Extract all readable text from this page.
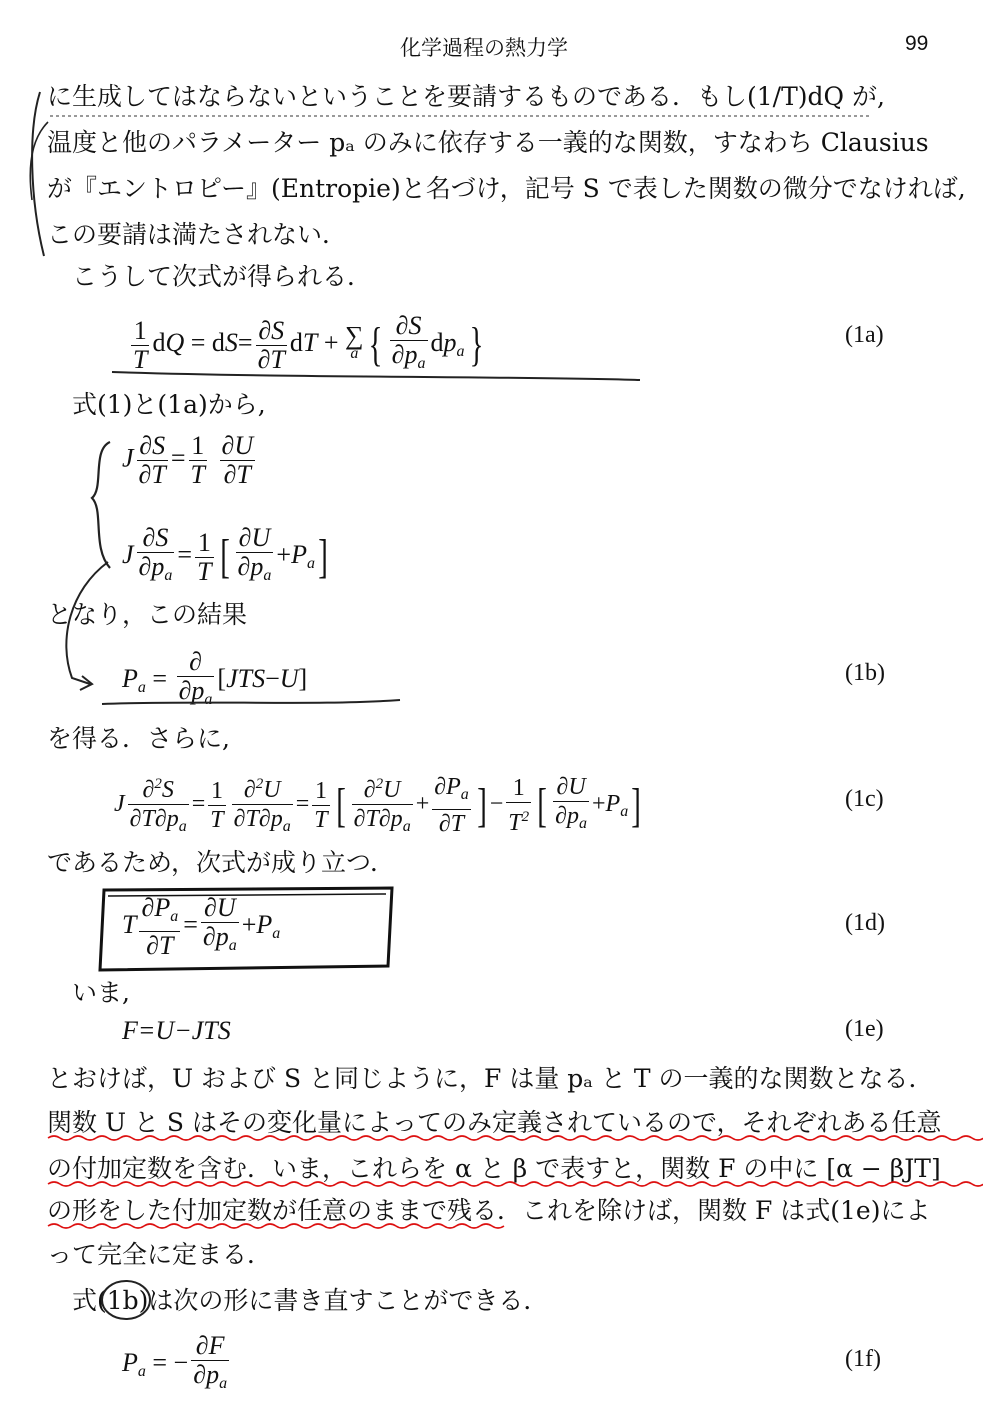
化学過程の熱力学	99
に生成してはならないということを要請するものである．もし(1/T)dQ が,
温度と他のパラメーター pₐ のみに依存する一義的な関数，すなわち Clausius
が『エントロピー』(Entropie)と名づけ，記号 S で表した関数の微分でなければ,
この要請は満たされない．
こうして次式が得られる．
$\frac{1}{T}$ dQ = $dS= \frac{\partial S}{\partial T}$ dT + ∑
a { $\frac{\partial S}{\partial p_a} dp_a$}	(1a)
式(1)と(1a)から,
J $\frac{\partial S}{\partial T} = \frac{1}{T}$
$\frac{\partial U}{\partial T}$
J $\frac{\partial S}{\partial p_a} = \frac{1}{T}$ [ $\frac{\partial U}{\partial p_a} +P_a$]
となり，この結果
$P_a = \frac{\partial}{\partial p_a} [JTS-U]$	(1b)
を得る．さらに,
J $\frac{\partial^2S}{\partial T\partial p_a} = \frac{1}{T} \frac{\partial^2U}{\partial T\partial p_a} = \frac{1}{T}$ [ $\frac{\partial^2U}{\partial T\partial p_a} + \frac{\partial P_a}{\partial T}$ ] − $\frac{1}{T^2}$ [ $\frac{\partial U}{\partial p_a} +P_a$]	(1c)
であるため，次式が成り立つ．
T $\frac{\partial P_a}{\partial T} = \frac{\partial U}{\partial p_a} +P_a$	(1d)
いま,
F=U−JTS	(1e)
とおけば，U および S と同じように，F は量 pₐ と T の一義的な関数となる．
関数 U と S はその変化量によってのみ定義されているので，それぞれある任意
の付加定数を含む．いま，これらを α と β で表すと，関数 F の中に [α − βJT]
の形をした付加定数が任意のままで残る．これを除けば，関数 F は式(1e)によ
って完全に定まる．
式(1b)は次の形に書き直すことができる．
$P_a$ = − $\frac{\partial F}{\partial p_a}$	(1f)
